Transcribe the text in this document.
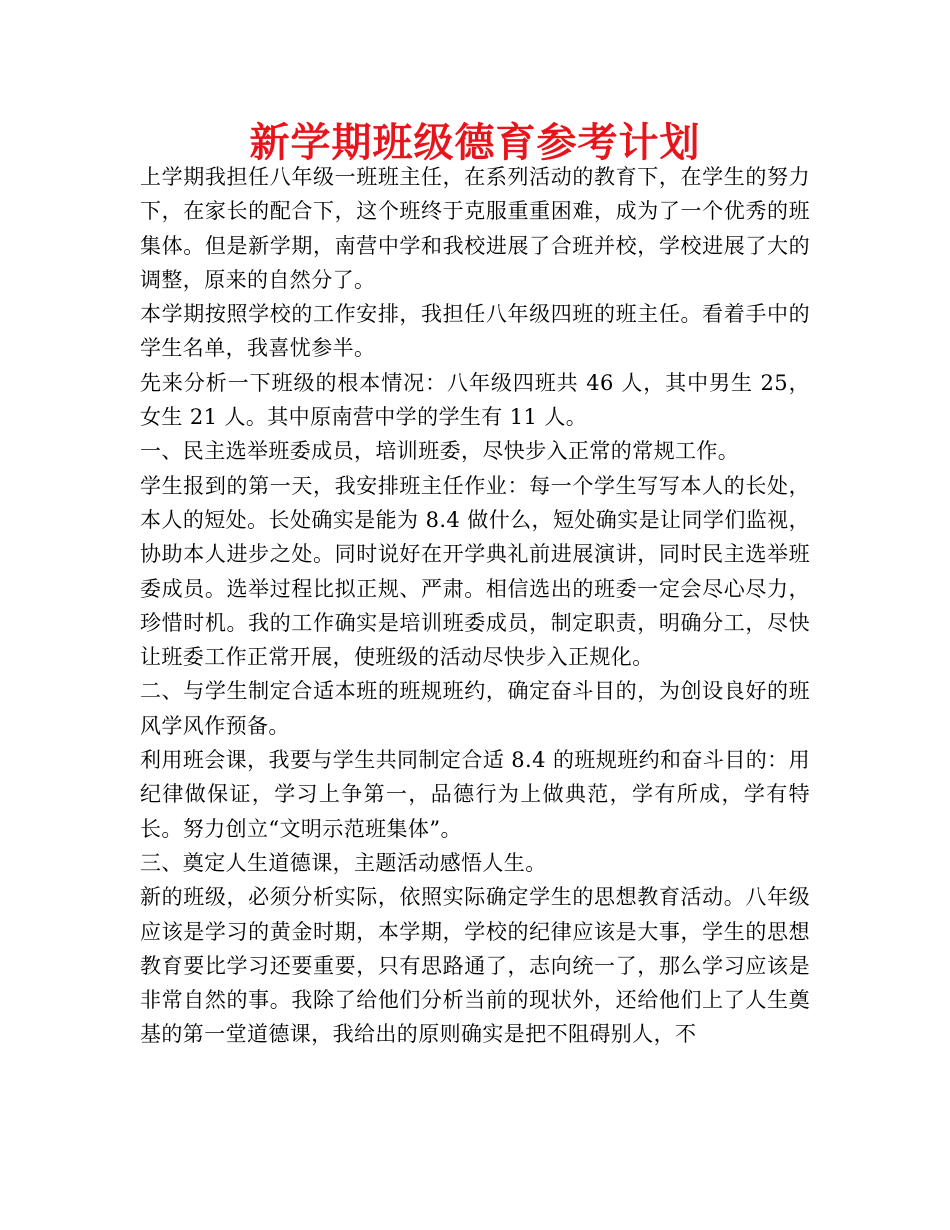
新学期班级德育参考计划

上学期我担任八年级一班班主任，在系列活动的教育下，在学生的努力下，在家长的配合下，这个班终于克服重重困难，成为了一个优秀的班集体。但是新学期，南营中学和我校进展了合班并校，学校进展了大的调整，原来的自然分了。

本学期按照学校的工作安排，我担任八年级四班的班主任。看着手中的学生名单，我喜忧参半。

先来分析一下班级的根本情况：八年级四班共 46 人，其中男生 25，女生 21 人。其中原南营中学的学生有 11 人。

一、民主选举班委成员，培训班委，尽快步入正常的常规工作。

学生报到的第一天，我安排班主任作业：每一个学生写写本人的长处，本人的短处。长处确实是能为 8.4 做什么，短处确实是让同学们监视，协助本人进步之处。同时说好在开学典礼前进展演讲，同时民主选举班委成员。选举过程比拟正规、严肃。相信选出的班委一定会尽心尽力，珍惜时机。我的工作确实是培训班委成员，制定职责，明确分工，尽快让班委工作正常开展，使班级的活动尽快步入正规化。

二、与学生制定合适本班的班规班约，确定奋斗目的，为创设良好的班风学风作预备。

利用班会课，我要与学生共同制定合适 8.4 的班规班约和奋斗目的：用纪律做保证，学习上争第一，品德行为上做典范，学有所成，学有特长。努力创立“文明示范班集体”。

三、奠定人生道德课，主题活动感悟人生。

新的班级，必须分析实际，依照实际确定学生的思想教育活动。八年级应该是学习的黄金时期，本学期，学校的纪律应该是大事，学生的思想教育要比学习还要重要，只有思路通了，志向统一了，那么学习应该是非常自然的事。我除了给他们分析当前的现状外，还给他们上了人生奠基的第一堂道德课，我给出的原则确实是把不阻碍别人，不
